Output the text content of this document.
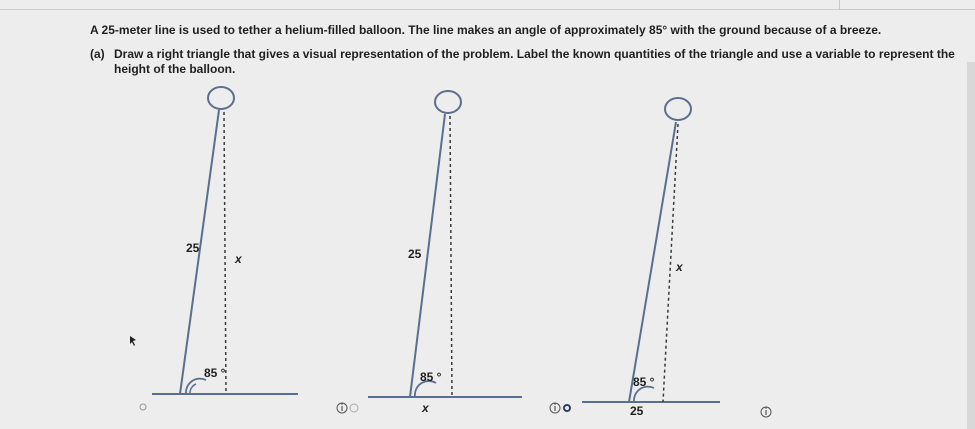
A 25-meter line is used to tether a helium-filled balloon. The line makes an angle of approximately 85° with the ground because of a breeze.
(a) Draw a right triangle that gives a visual representation of the problem. Label the known quantities of the triangle and use a variable to represent the height of the balloon.
25
x
85 °
25
85 °
x
x
85 °
25
